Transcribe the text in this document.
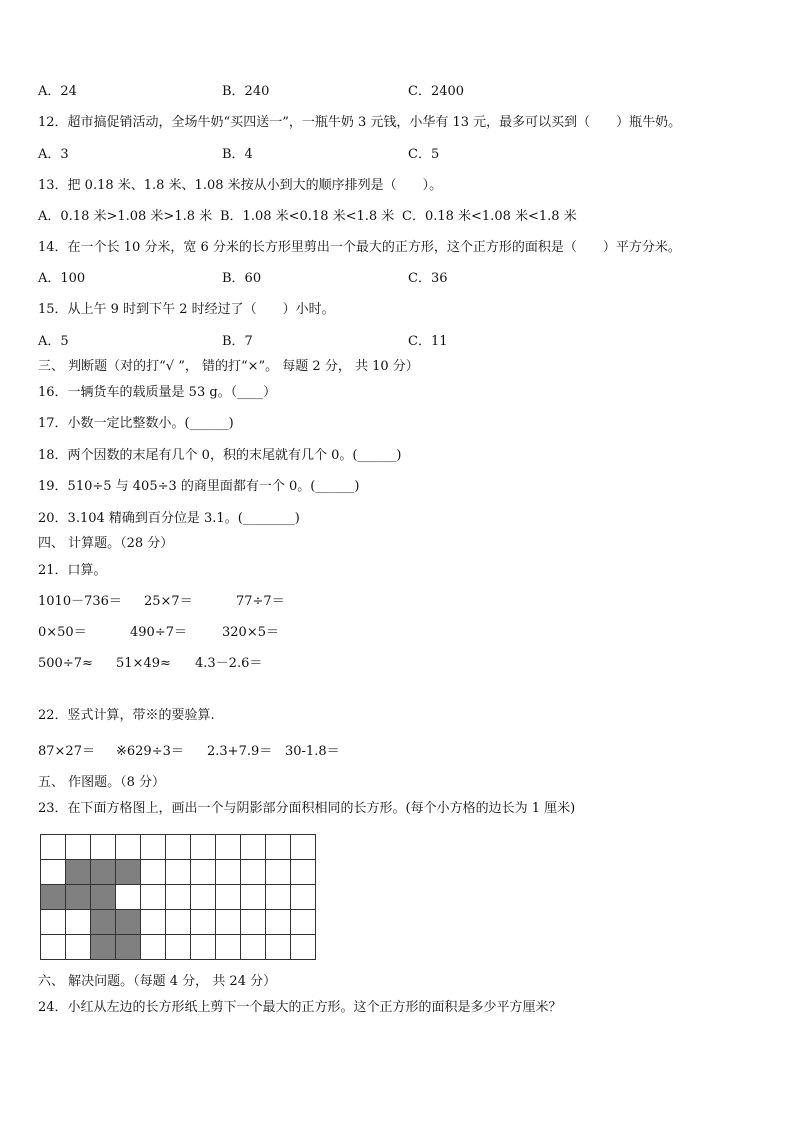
A．24	B．240	C．2400
12．超市搞促销活动，全场牛奶“买四送一”，一瓶牛奶 3 元钱，小华有 13 元，最多可以买到（　　）瓶牛奶。
A．3	B．4	C．5
13．把 0.18 米、1.8 米、1.08 米按从小到大的顺序排列是（　　）。
A．0.18 米>1.08 米>1.8 米 B．1.08 米<0.18 米<1.8 米 C．0.18 米<1.08 米<1.8 米
14．在一个长 10 分米，宽 6 分米的长方形里剪出一个最大的正方形，这个正方形的面积是（　　）平方分米。
A．100	B．60	C．36
15．从上午 9 时到下午 2 时经过了（　　）小时。
A．5	B．7	C．11
三、 判断题（对的打“√ ”， 错的打“×”。 每题 2 分， 共 10 分）
16．一辆货车的载质量是 53 g。（____）
17．小数一定比整数小。(______)
18．两个因数的末尾有几个 0，积的末尾就有几个 0。(______)
19．510÷5 与 405÷3 的商里面都有一个 0。(______)
20．3.104 精确到百分位是 3.1。(________)
四、 计算题。（28 分）
21．口算。
1010－736＝ 25×7＝	77÷7＝
0×50＝	490÷7＝	320×5＝
500÷7≈ 51×49≈ 4.3－2.6＝
22．竖式计算，带※的要验算.
87×27＝ ※629÷3＝ 2.3+7.9＝ 30-1.8＝
五、 作图题。（8 分）
23．在下面方格图上，画出一个与阴影部分面积相同的长方形。(每个小方格的边长为 1 厘米)
六、 解决问题。（每题 4 分， 共 24 分）
24．小红从左边的长方形纸上剪下一个最大的正方形。这个正方形的面积是多少平方厘米？
